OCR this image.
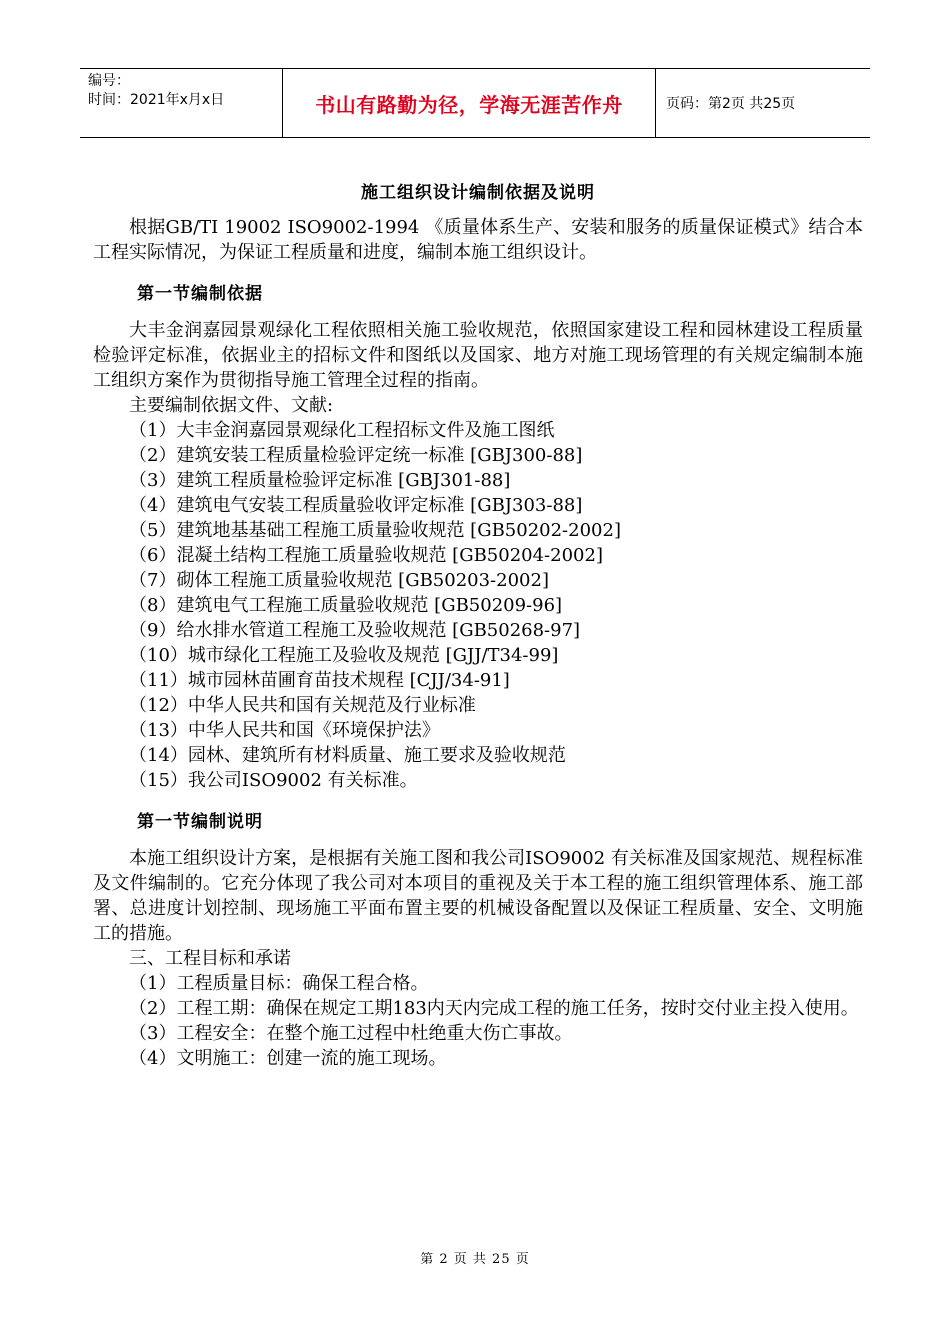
编号：
时间：2021年x月x日	书山有路勤为径，学海无涯苦作舟	页码：第2页 共25页
施工组织设计编制依据及说明

根据GB/TI 19002 ISO9002-1994 《质量体系生产、安装和服务的质量保证模式》结合本工程实际情况，为保证工程质量和进度，编制本施工组织设计。

第一节编制依据

大丰金润嘉园景观绿化工程依照相关施工验收规范，依照国家建设工程和园林建设工程质量检验评定标准，依据业主的招标文件和图纸以及国家、地方对施工现场管理的有关规定编制本施工组织方案作为贯彻指导施工管理全过程的指南。

主要编制依据文件、文献:
（1）大丰金润嘉园景观绿化工程招标文件及施工图纸
（2）建筑安装工程质量检验评定统一标准 [GBJ300-88]
（3）建筑工程质量检验评定标准 [GBJ301-88]
（4）建筑电气安装工程质量验收评定标准 [GBJ303-88]
（5）建筑地基基础工程施工质量验收规范 [GB50202-2002]
（6）混凝土结构工程施工质量验收规范 [GB50204-2002]
（7）砌体工程施工质量验收规范 [GB50203-2002]
（8）建筑电气工程施工质量验收规范 [GB50209-96]
（9）给水排水管道工程施工及验收规范 [GB50268-97]
（10）城市绿化工程施工及验收及规范 [GJJ/T34-99]
（11）城市园林苗圃育苗技术规程 [CJJ/34-91]
（12）中华人民共和国有关规范及行业标准
（13）中华人民共和国《环境保护法》
（14）园林、建筑所有材料质量、施工要求及验收规范
（15）我公司ISO9002 有关标准。
第一节编制说明

本施工组织设计方案，是根据有关施工图和我公司ISO9002 有关标准及国家规范、规程标准及文件编制的。它充分体现了我公司对本项目的重视及关于本工程的施工组织管理体系、施工部署、总进度计划控制、现场施工平面布置主要的机械设备配置以及保证工程质量、安全、文明施工的措施。

三、工程目标和承诺
（1）工程质量目标：确保工程合格。

（2）工程工期：确保在规定工期183内天内完成工程的施工任务，按时交付业主投入使用。

（3）工程安全：在整个施工过程中杜绝重大伤亡事故。
（4）文明施工：创建一流的施工现场。
第 2 页 共 25 页
